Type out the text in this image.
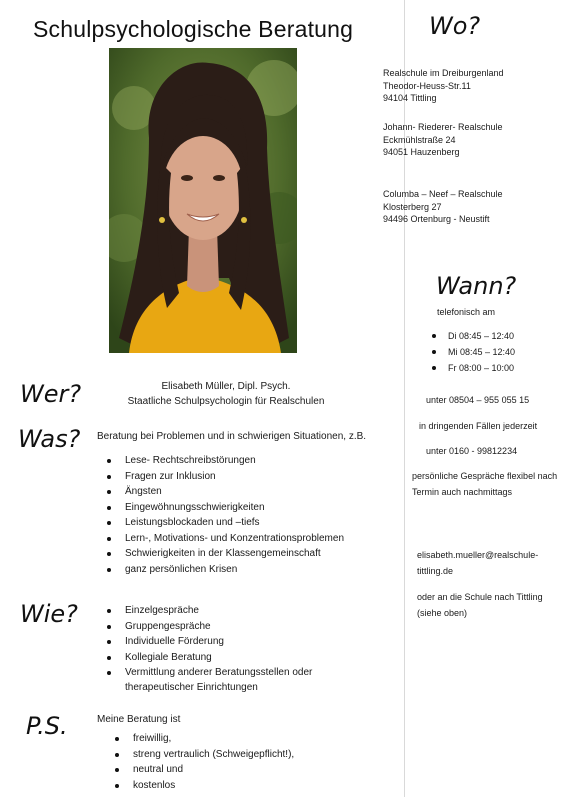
Schulpsychologische Beratung	Wo?
Realschule im Dreiburgenland
Theodor-Heuss-Str.11
94104 Tittling
Johann- Riederer- Realschule
Eckmühlstraße 24
94051 Hauzenberg
Columba – Neef – Realschule
Klosterberg 27
94496 Ortenburg - Neustift
Wann?
telefonisch am
Di 08:45 – 12:40
Mi 08:45 – 12:40
Fr 08:00 – 10:00
unter 08504 – 955 055 15
in dringenden Fällen jederzeit
unter 0160 - 99812234
persönliche Gespräche flexibel nach
Termin auch nachmittags
elisabeth.mueller@realschule-
tittling.de
oder an die Schule nach Tittling
(siehe oben)
Wer?	Elisabeth Müller, Dipl. Psych.
Staatliche Schulpsychologin für Realschulen
Was? Beratung bei Problemen und in schwierigen Situationen, z.B.
Lese- Rechtschreibstörungen
Fragen zur Inklusion
Ängsten
Eingewöhnungsschwierigkeiten
Leistungsblockaden und –tiefs
Lern-, Motivations- und Konzentrationsproblemen
Schwierigkeiten in der Klassengemeinschaft
ganz persönlichen Krisen
Wie?	Einzelgespräche
Gruppengespräche
Individuelle Förderung
Kollegiale Beratung
Vermittlung anderer Beratungsstellen oder
therapeutischer Einrichtungen
P.S.	Meine Beratung ist
freiwillig,
streng vertraulich (Schweigepflicht!),
neutral und
kostenlos
